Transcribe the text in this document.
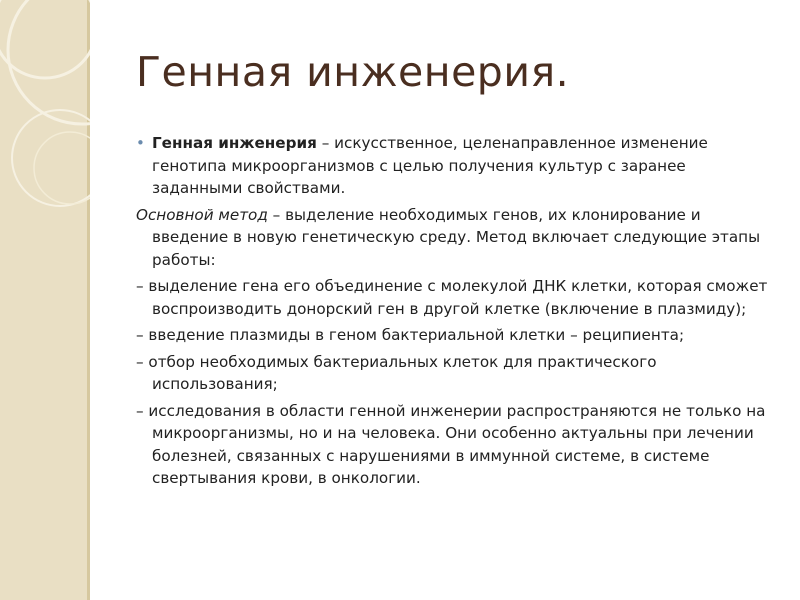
Генная инженерия.
• Генная инженерия – искусственное, целенаправленное изменение генотипа микроорганизмов с целью получения культур с заранее заданными свойствами.
Основной метод – выделение необходимых генов, их клонирование и введение в новую генетическую среду. Метод включает следующие этапы работы:
– выделение гена его объединение с молекулой ДНК клетки, которая сможет воспроизводить донорский ген в другой клетке (включение в плазмиду);
– введение плазмиды в геном бактериальной клетки – реципиента;
– отбор необходимых бактериальных клеток для практического использования;
– исследования в области генной инженерии распространяются не только на микроорганизмы, но и на человека. Они особенно актуальны при лечении болезней, связанных с нарушениями в иммунной системе, в системе свертывания крови, в онкологии.
